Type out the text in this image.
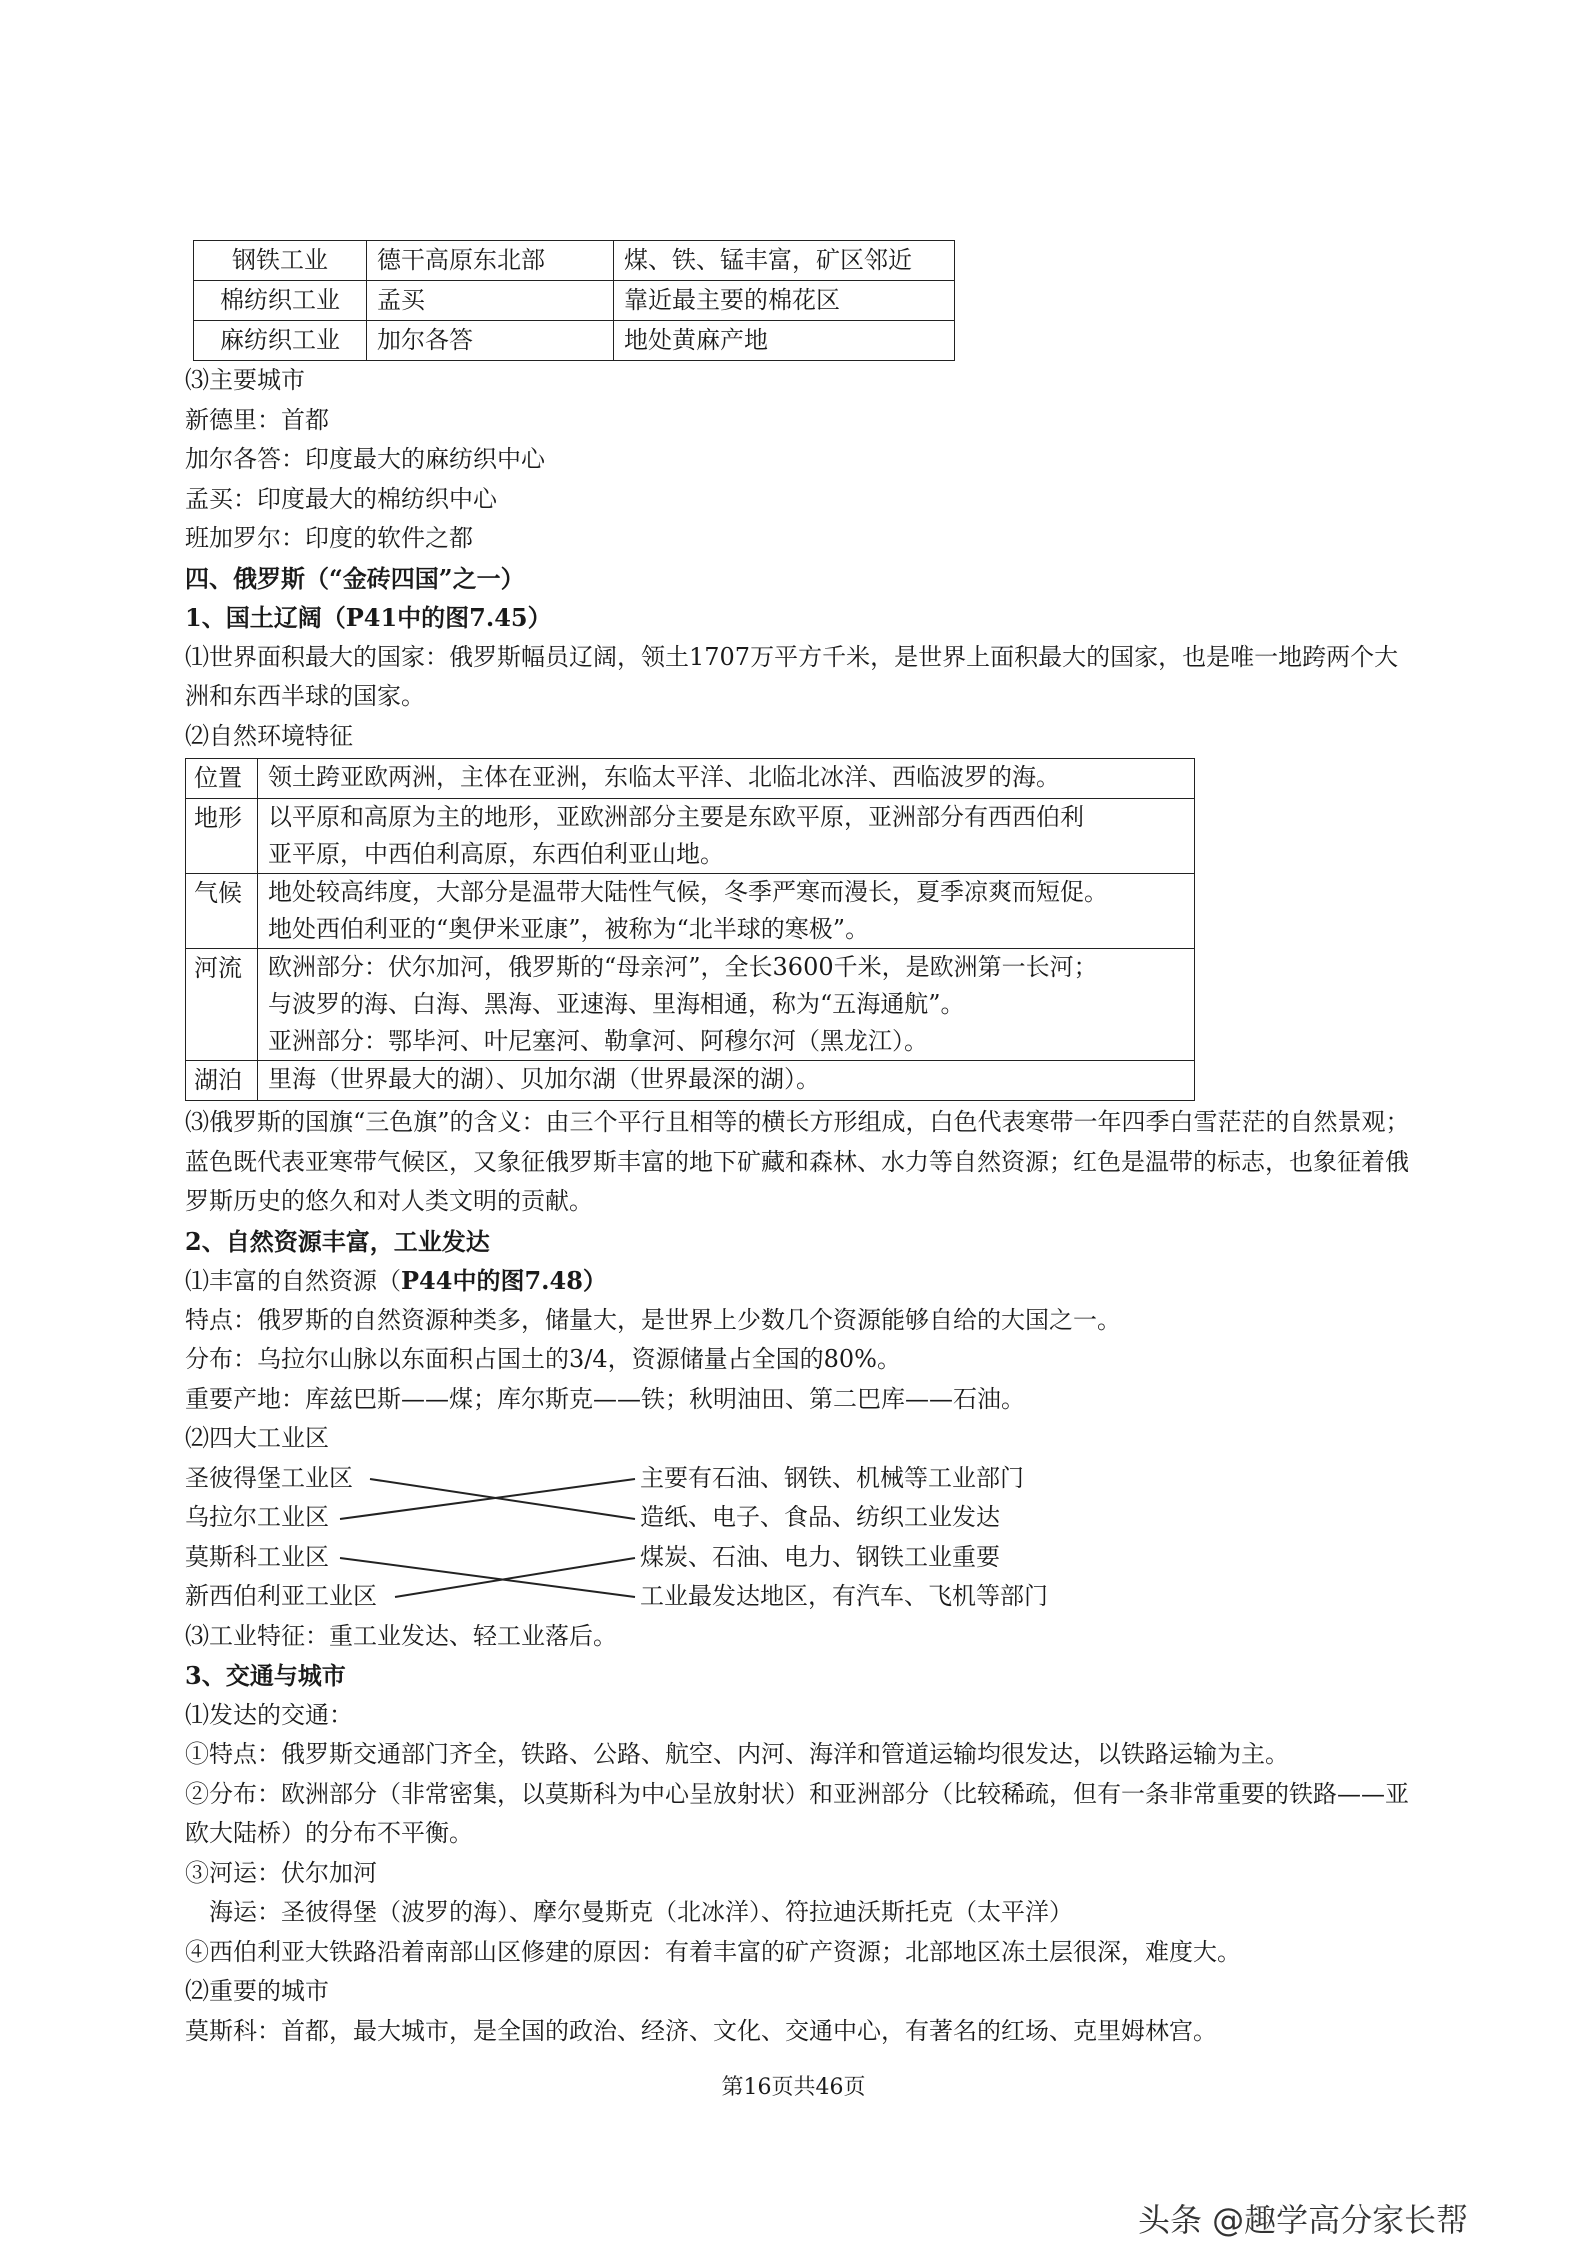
钢铁工业	德干高原东北部	煤、铁、锰丰富，矿区邻近
棉纺织工业	孟买	靠近最主要的棉花区
麻纺织工业	加尔各答	地处黄麻产地
⑶主要城市
新德里：首都
加尔各答：印度最大的麻纺织中心
孟买：印度最大的棉纺织中心
班加罗尔：印度的软件之都
四、俄罗斯（“金砖四国”之一）
1、国土辽阔（P41中的图7.45）
⑴世界面积最大的国家：俄罗斯幅员辽阔，领土1707万平方千米，是世界上面积最大的国家，也是唯一地跨两个大洲和东西半球的国家。
⑵自然环境特征
位置	领土跨亚欧两洲，主体在亚洲，东临太平洋、北临北冰洋、西临波罗的海。

地形	以平原和高原为主的地形，亚欧洲部分主要是东欧平原，亚洲部分有西西伯利
亚平原，中西伯利高原，东西伯利亚山地。

气候	地处较高纬度，大部分是温带大陆性气候，冬季严寒而漫长，夏季凉爽而短促。
地处西伯利亚的“奥伊米亚康”，被称为“北半球的寒极”。

河流	欧洲部分：伏尔加河，俄罗斯的“母亲河”，全长3600千米，是欧洲第一长河；
与波罗的海、白海、黑海、亚速海、里海相通，称为“五海通航”。
亚洲部分：鄂毕河、叶尼塞河、勒拿河、阿穆尔河（黑龙江）。

湖泊	里海（世界最大的湖）、贝加尔湖（世界最深的湖）。
⑶俄罗斯的国旗“三色旗”的含义：由三个平行且相等的横长方形组成，白色代表寒带一年四季白雪茫茫的自然景观；蓝色既代表亚寒带气候区，又象征俄罗斯丰富的地下矿藏和森林、水力等自然资源；红色是温带的标志，也象征着俄罗斯历史的悠久和对人类文明的贡献。
2、自然资源丰富，工业发达
⑴丰富的自然资源（P44中的图7.48）
特点：俄罗斯的自然资源种类多，储量大，是世界上少数几个资源能够自给的大国之一。
分布：乌拉尔山脉以东面积占国土的3/4，资源储量占全国的80%。
重要产地：库兹巴斯——煤；库尔斯克——铁；秋明油田、第二巴库——石油。
⑵四大工业区
圣彼得堡工业区
乌拉尔工业区
莫斯科工业区
新西伯利亚工业区
主要有石油、钢铁、机械等工业部门
造纸、电子、食品、纺织工业发达
煤炭、石油、电力、钢铁工业重要
工业最发达地区，有汽车、飞机等部门
⑶工业特征：重工业发达、轻工业落后。
3、交通与城市
⑴发达的交通：
①特点：俄罗斯交通部门齐全，铁路、公路、航空、内河、海洋和管道运输均很发达，以铁路运输为主。
②分布：欧洲部分（非常密集，以莫斯科为中心呈放射状）和亚洲部分（比较稀疏，但有一条非常重要的铁路——亚欧大陆桥）的分布不平衡。
③河运：伏尔加河
海运：圣彼得堡（波罗的海）、摩尔曼斯克（北冰洋）、符拉迪沃斯托克（太平洋）
④西伯利亚大铁路沿着南部山区修建的原因：有着丰富的矿产资源；北部地区冻土层很深，难度大。
⑵重要的城市
莫斯科：首都，最大城市，是全国的政治、经济、文化、交通中心，有著名的红场、克里姆林宫。
第16页共46页
头条 @趣学高分家长帮
